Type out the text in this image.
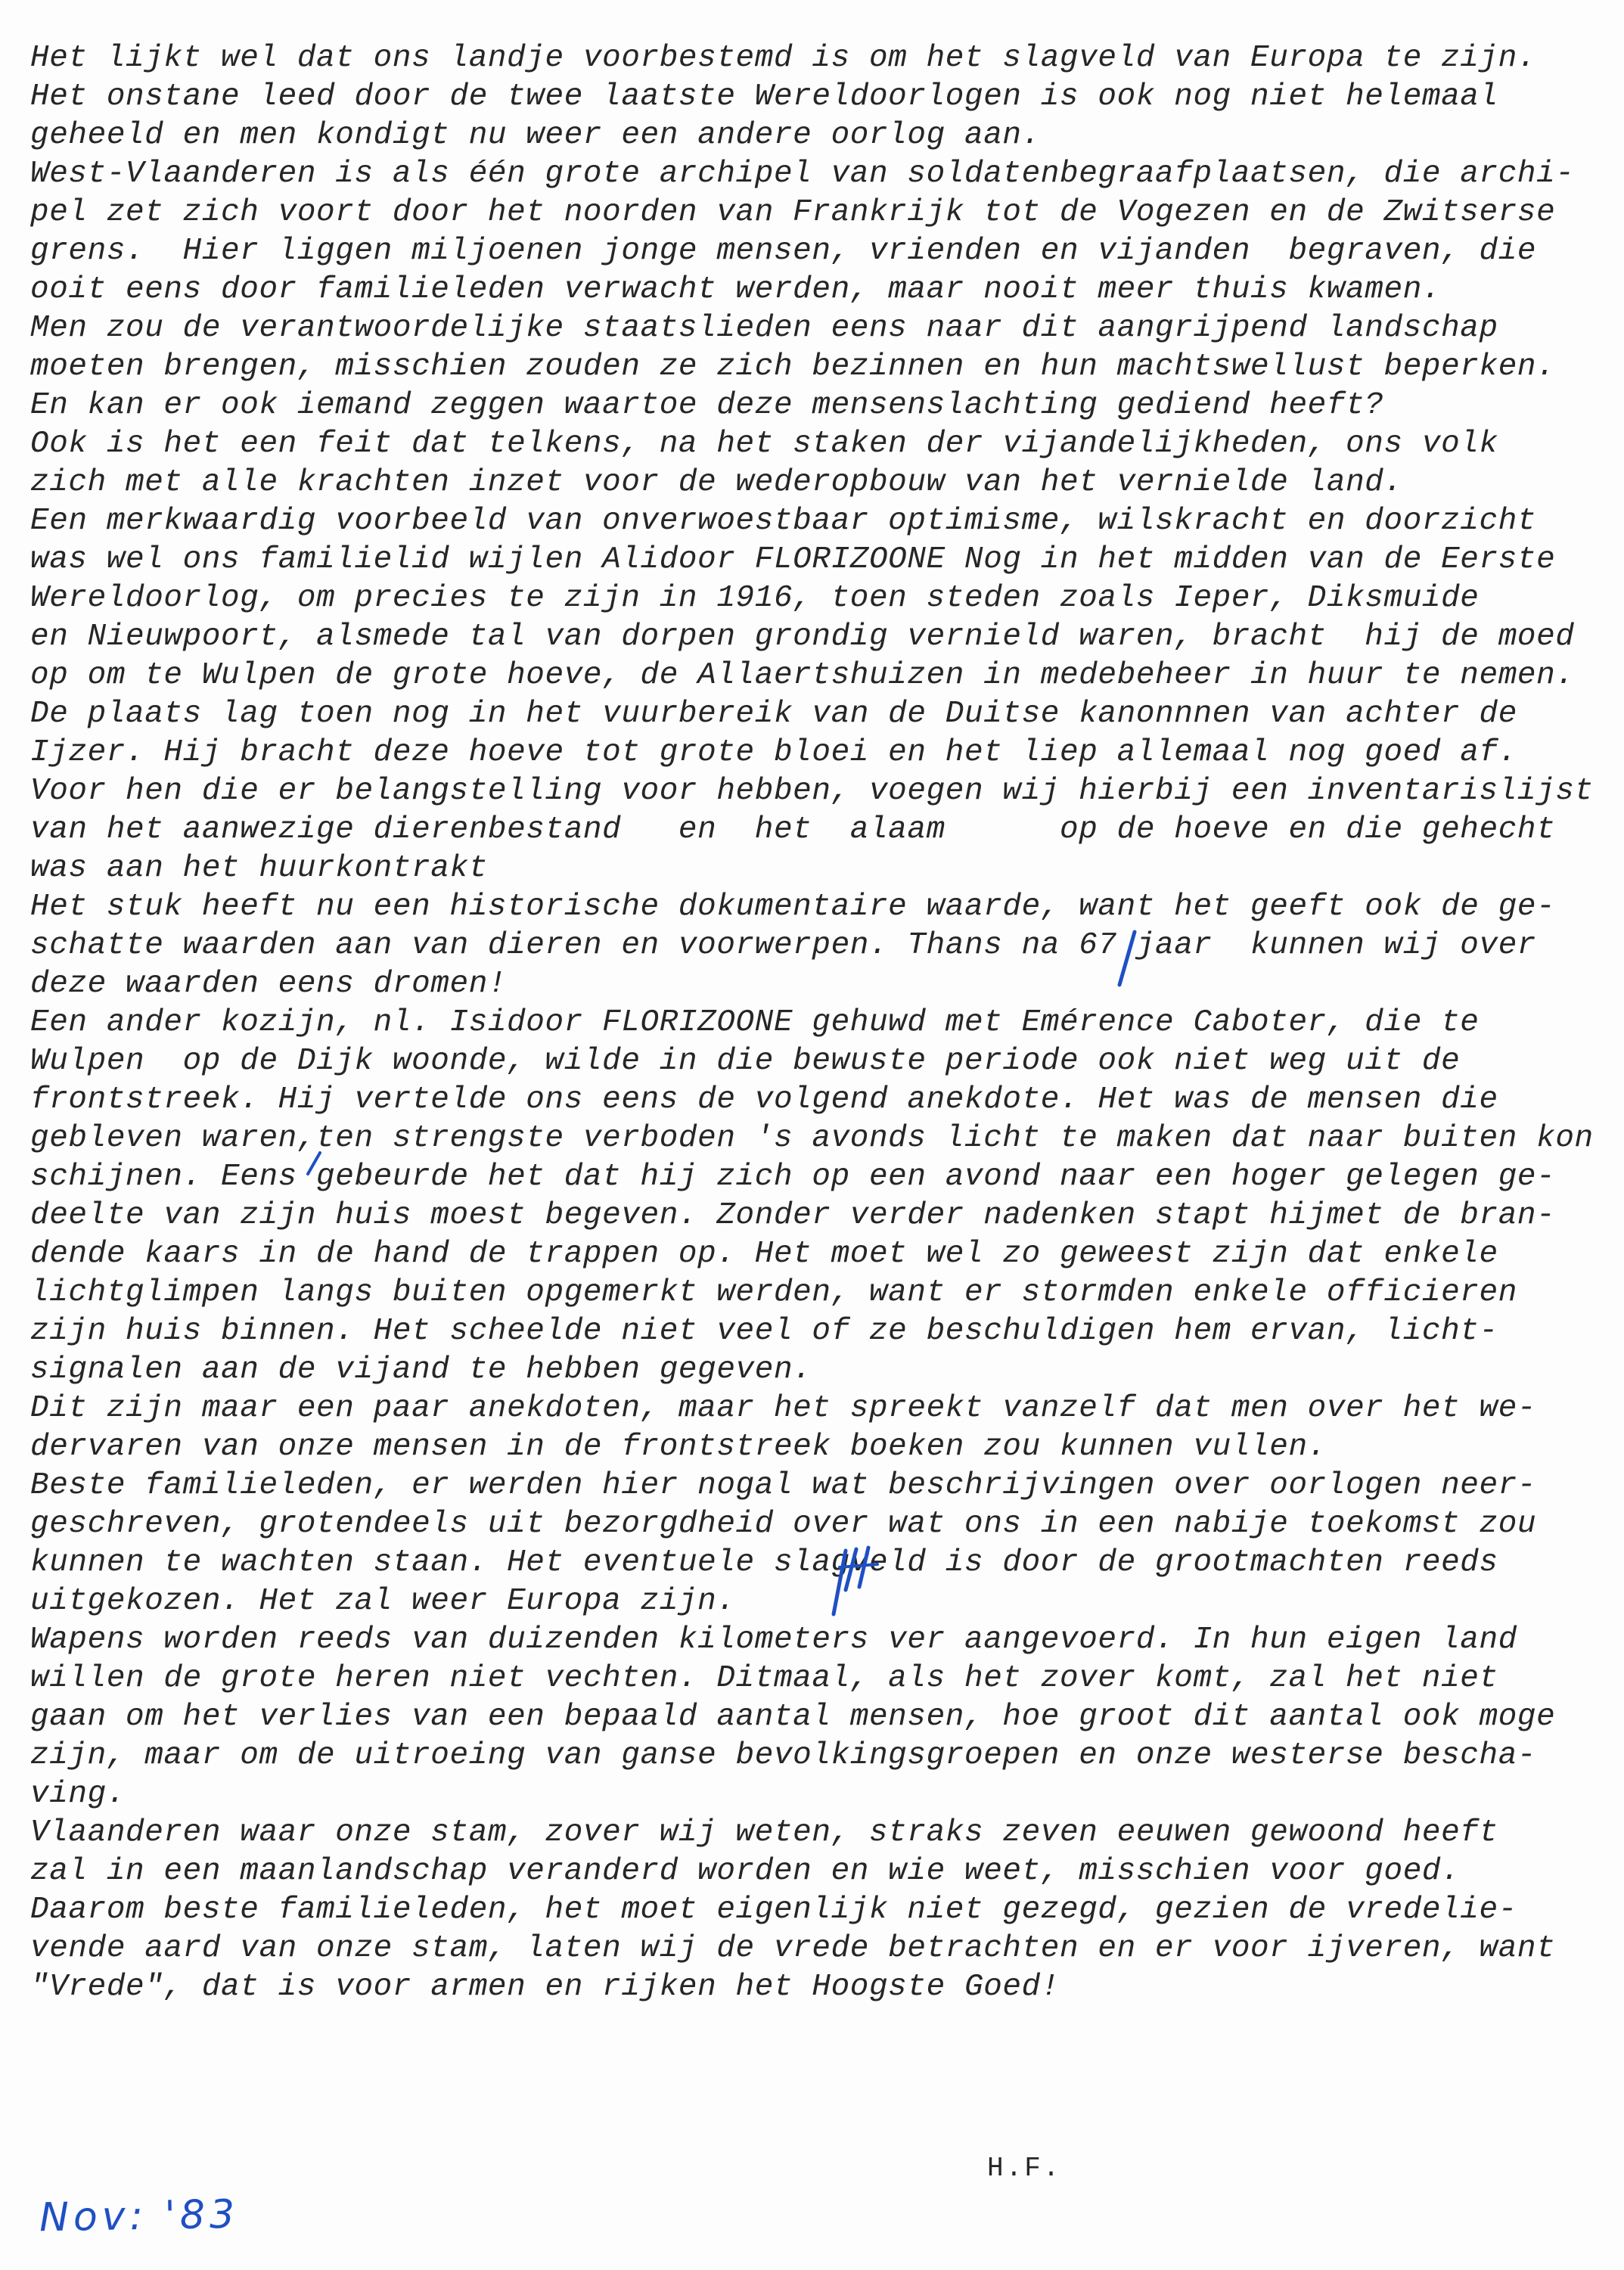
Het lijkt wel dat ons landje voorbestemd is om het slagveld van Europa te zijn.
Het onstane leed door de twee laatste Wereldoorlogen is ook nog niet helemaal
geheeld en men kondigt nu weer een andere oorlog aan.
West-Vlaanderen is als één grote archipel van soldatenbegraafplaatsen, die archi-
pel zet zich voort door het noorden van Frankrijk tot de Vogezen en de Zwitserse
grens.  Hier liggen miljoenen jonge mensen, vrienden en vijanden  begraven, die
ooit eens door familieleden verwacht werden, maar nooit meer thuis kwamen.
Men zou de verantwoordelijke staatslieden eens naar dit aangrijpend landschap
moeten brengen, misschien zouden ze zich bezinnen en hun machtswellust beperken.
En kan er ook iemand zeggen waartoe deze mensenslachting gediend heeft?
Ook is het een feit dat telkens, na het staken der vijandelijkheden, ons volk
zich met alle krachten inzet voor de wederopbouw van het vernielde land.
Een merkwaardig voorbeeld van onverwoestbaar optimisme, wilskracht en doorzicht
was wel ons familielid wijlen Alidoor FLORIZOONE Nog in het midden van de Eerste
Wereldoorlog, om precies te zijn in 1916, toen steden zoals Ieper, Diksmuide
en Nieuwpoort, alsmede tal van dorpen grondig vernield waren, bracht  hij de moed
op om te Wulpen de grote hoeve, de Allaertshuizen in medebeheer in huur te nemen.
De plaats lag toen nog in het vuurbereik van de Duitse kanonnnen van achter de
Ijzer. Hij bracht deze hoeve tot grote bloei en het liep allemaal nog goed af.
Voor hen die er belangstelling voor hebben, voegen wij hierbij een inventarislijst
van het aanwezige dierenbestand   en  het  alaam      op de hoeve en die gehecht
was aan het huurkontrakt
Het stuk heeft nu een historische dokumentaire waarde, want het geeft ook de ge-
schatte waarden aan van dieren en voorwerpen. Thans na 67 jaar  kunnen wij over
deze waarden eens dromen!
Een ander kozijn, nl. Isidoor FLORIZOONE gehuwd met Emérence Caboter, die te
Wulpen  op de Dijk woonde, wilde in die bewuste periode ook niet weg uit de
frontstreek. Hij vertelde ons eens de volgend anekdote. Het was de mensen die
gebleven waren,ten strengste verboden 's avonds licht te maken dat naar buiten kon
schijnen. Eens gebeurde het dat hij zich op een avond naar een hoger gelegen ge-
deelte van zijn huis moest begeven. Zonder verder nadenken stapt hijmet de bran-
dende kaars in de hand de trappen op. Het moet wel zo geweest zijn dat enkele
lichtglimpen langs buiten opgemerkt werden, want er stormden enkele officieren
zijn huis binnen. Het scheelde niet veel of ze beschuldigen hem ervan, licht-
signalen aan de vijand te hebben gegeven.
Dit zijn maar een paar anekdoten, maar het spreekt vanzelf dat men over het we-
dervaren van onze mensen in de frontstreek boeken zou kunnen vullen.
Beste familieleden, er werden hier nogal wat beschrijvingen over oorlogen neer-
geschreven, grotendeels uit bezorgdheid over wat ons in een nabije toekomst zou
kunnen te wachten staan. Het eventuele slagveld is door de grootmachten reeds
uitgekozen. Het zal weer Europa zijn.
Wapens worden reeds van duizenden kilometers ver aangevoerd. In hun eigen land
willen de grote heren niet vechten. Ditmaal, als het zover komt, zal het niet
gaan om het verlies van een bepaald aantal mensen, hoe groot dit aantal ook moge
zijn, maar om de uitroeing van ganse bevolkingsgroepen en onze westerse bescha-
ving.
Vlaanderen waar onze stam, zover wij weten, straks zeven eeuwen gewoond heeft
zal in een maanlandschap veranderd worden en wie weet, misschien voor goed.
Daarom beste familieleden, het moet eigenlijk niet gezegd, gezien de vredelie-
vende aard van onze stam, laten wij de vrede betrachten en er voor ijveren, want
"Vrede", dat is voor armen en rijken het Hoogste Goed!
H.F.
Nov: '83
